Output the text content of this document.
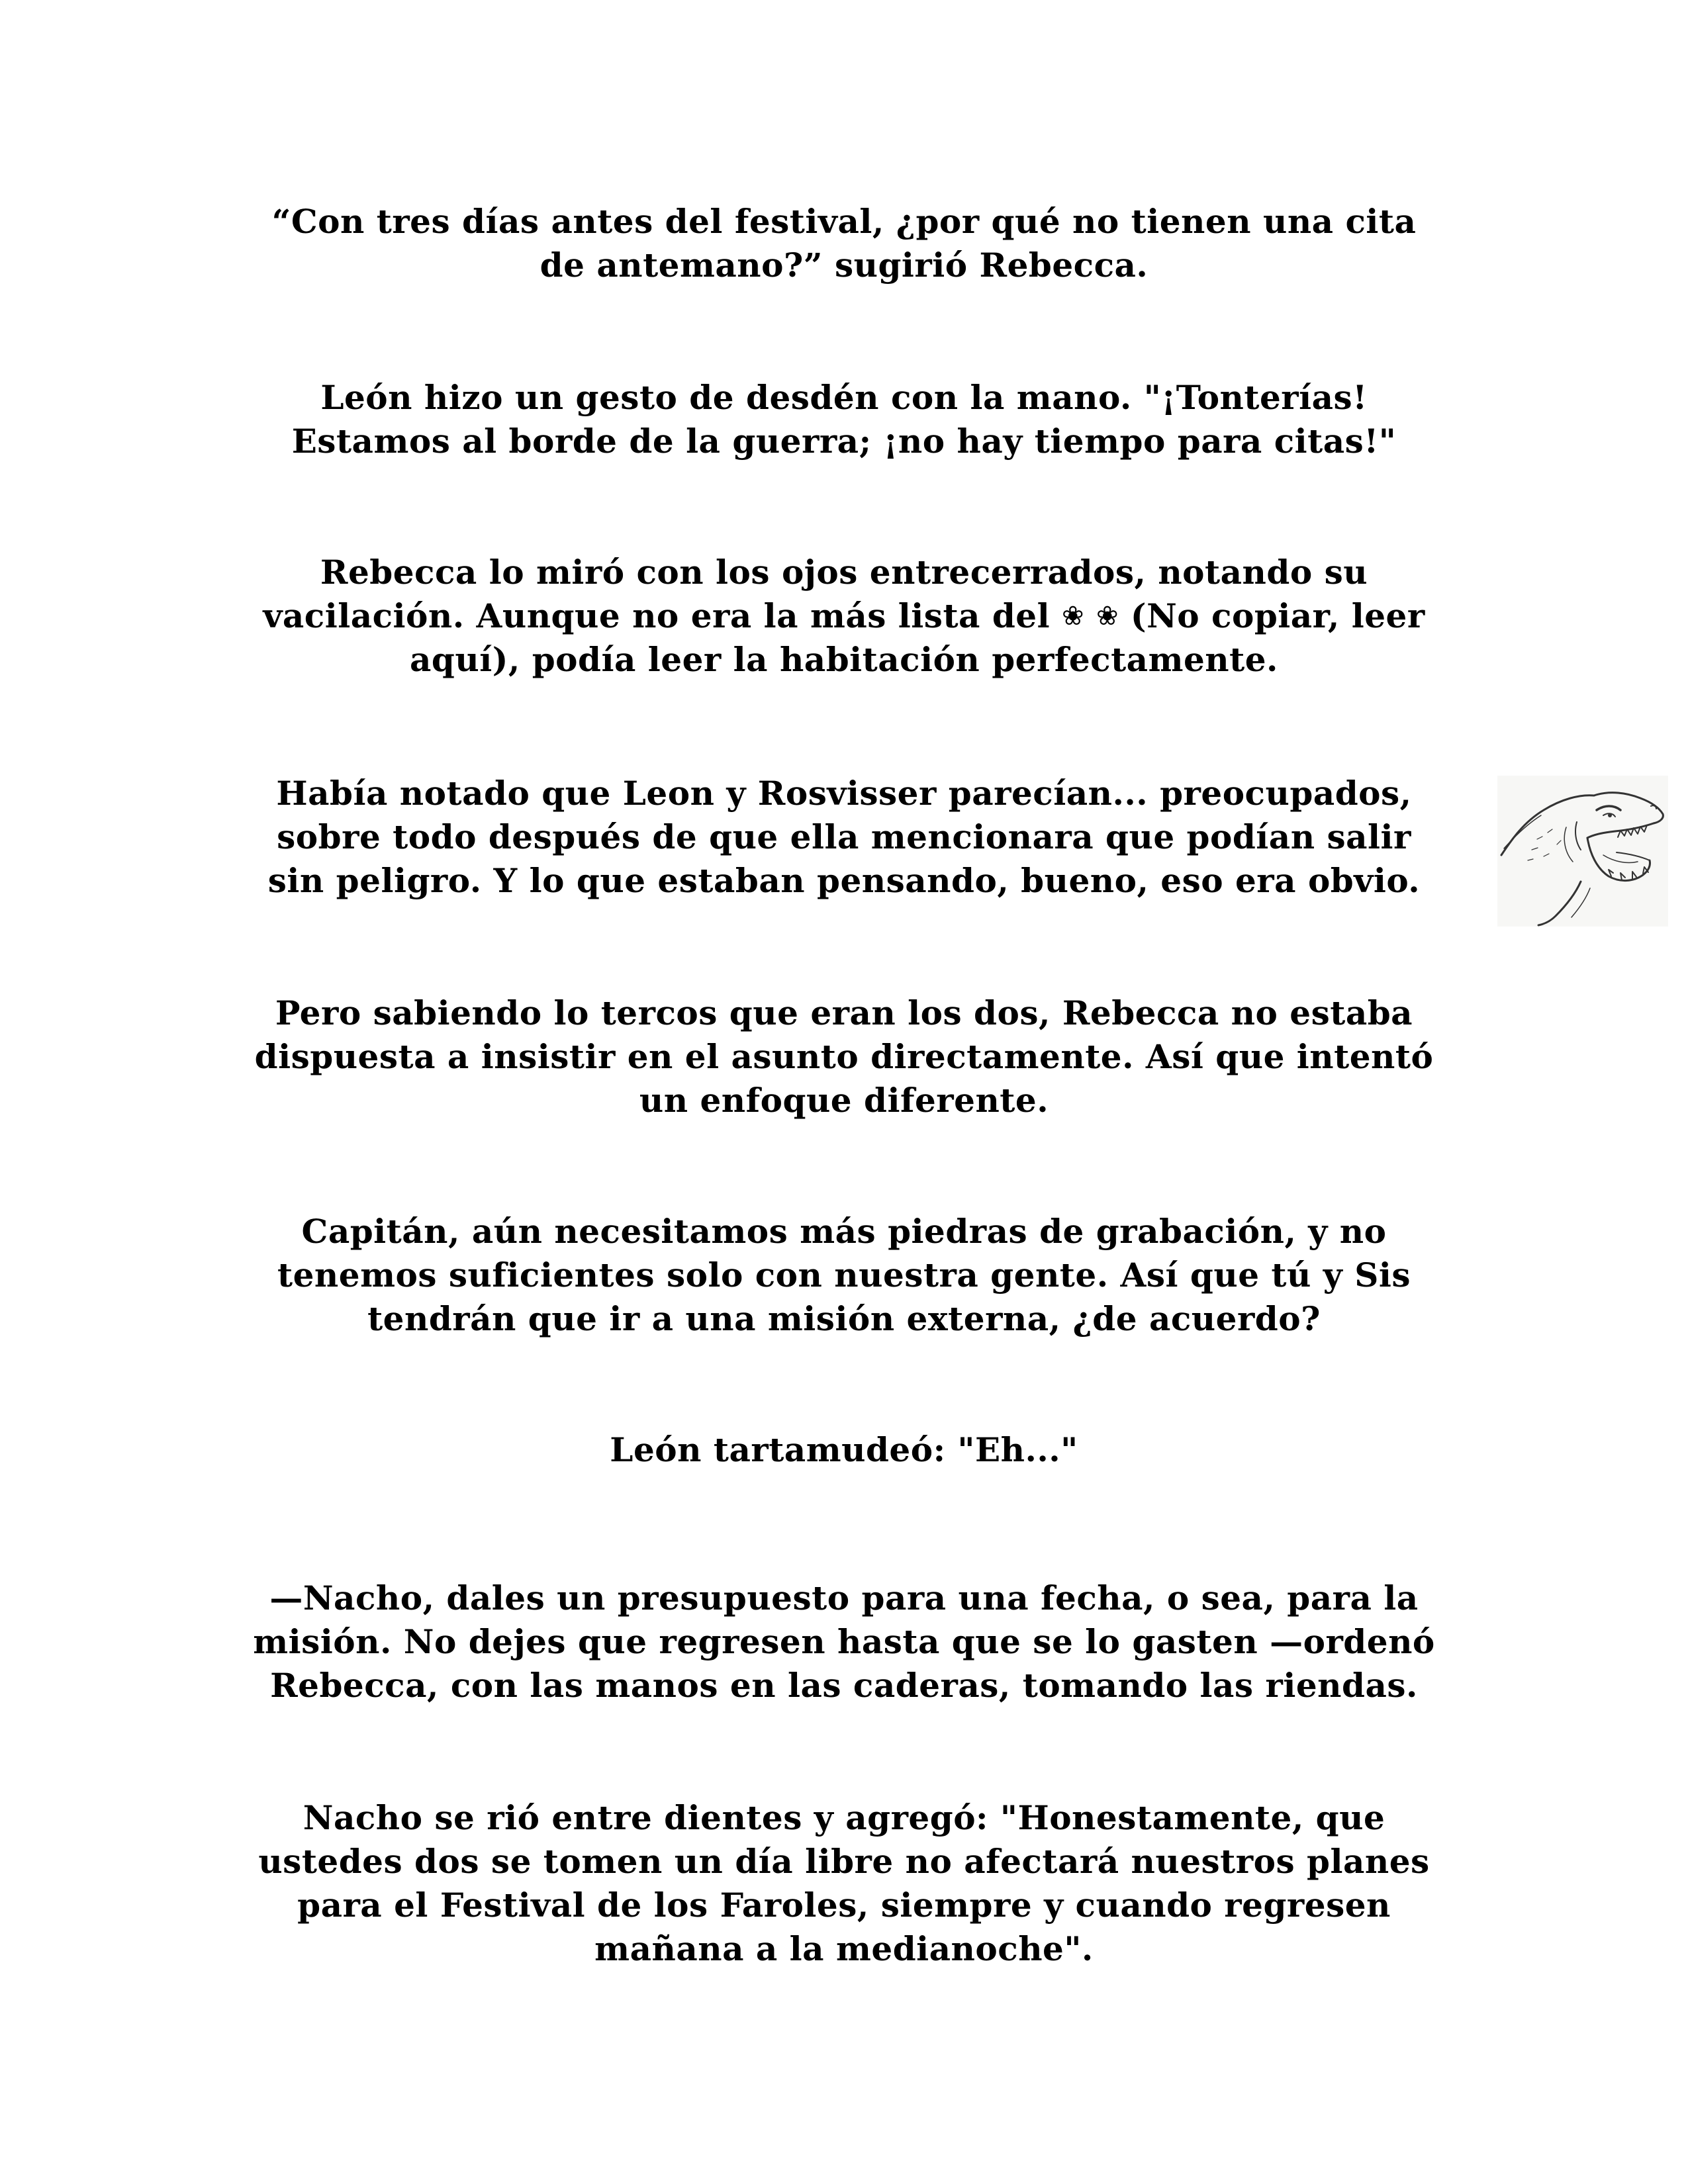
“Con tres días antes del festival, ¿por qué no tienen una cita
de antemano?” sugirió Rebecca.

León hizo un gesto de desdén con la mano. "¡Tonterías!
Estamos al borde de la guerra; ¡no hay tiempo para citas!"

Rebecca lo miró con los ojos entrecerrados, notando su
vacilación. Aunque no era la más lista del ❀ ❀ (No copiar, leer
aquí), podía leer la habitación perfectamente.

Había notado que Leon y Rosvisser parecían... preocupados,
sobre todo después de que ella mencionara que podían salir
sin peligro. Y lo que estaban pensando, bueno, eso era obvio.

Pero sabiendo lo tercos que eran los dos, Rebecca no estaba
dispuesta a insistir en el asunto directamente. Así que intentó
un enfoque diferente.

Capitán, aún necesitamos más piedras de grabación, y no
tenemos suficientes solo con nuestra gente. Así que tú y Sis
tendrán que ir a una misión externa, ¿de acuerdo?

León tartamudeó: "Eh..."

—Nacho, dales un presupuesto para una fecha, o sea, para la
misión. No dejes que regresen hasta que se lo gasten —ordenó
Rebecca, con las manos en las caderas, tomando las riendas.

Nacho se rió entre dientes y agregó: "Honestamente, que
ustedes dos se tomen un día libre no afectará nuestros planes
para el Festival de los Faroles, siempre y cuando regresen
mañana a la medianoche".
